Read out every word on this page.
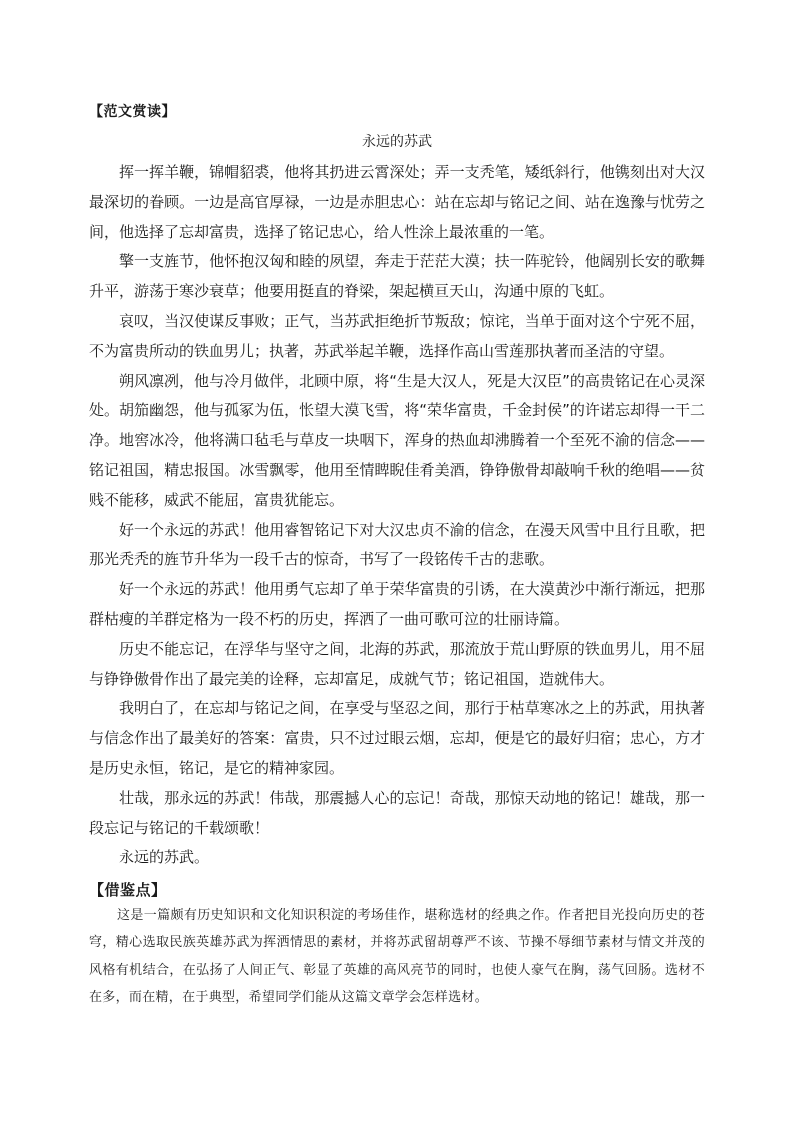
【范文赏读】
永远的苏武

挥一挥羊鞭，锦帽貂裘，他将其扔进云霄深处；弄一支秃笔，矮纸斜行，他镌刻出对大汉最深切的眷顾。一边是高官厚禄，一边是赤胆忠心：站在忘却与铭记之间、站在逸豫与忧劳之间，他选择了忘却富贵，选择了铭记忠心，给人性涂上最浓重的一笔。

擎一支旌节，他怀抱汉匈和睦的夙望，奔走于茫茫大漠；扶一阵驼铃，他阔别长安的歌舞升平，游荡于寒沙衰草；他要用挺直的脊梁，架起横亘天山，沟通中原的飞虹。

哀叹，当汉使谋反事败；正气，当苏武拒绝折节叛敌；惊诧，当单于面对这个宁死不屈，不为富贵所动的铁血男儿；执著，苏武举起羊鞭，选择作高山雪莲那执著而圣洁的守望。

朔风凛冽，他与冷月做伴，北顾中原，将“生是大汉人，死是大汉臣”的高贵铭记在心灵深处。胡笳幽怨，他与孤冢为伍，怅望大漠飞雪，将“荣华富贵，千金封侯”的许诺忘却得一干二净。地窖冰冷，他将满口毡毛与草皮一块咽下，浑身的热血却沸腾着一个至死不渝的信念——铭记祖国，精忠报国。冰雪飘零，他用至情睥睨佳肴美酒，铮铮傲骨却敲响千秋的绝唱——贫贱不能移，威武不能屈，富贵犹能忘。

好一个永远的苏武！他用睿智铭记下对大汉忠贞不渝的信念，在漫天风雪中且行且歌，把那光秃秃的旌节升华为一段千古的惊奇，书写了一段铭传千古的悲歌。

好一个永远的苏武！他用勇气忘却了单于荣华富贵的引诱，在大漠黄沙中渐行渐远，把那群枯瘦的羊群定格为一段不朽的历史，挥洒了一曲可歌可泣的壮丽诗篇。

历史不能忘记，在浮华与坚守之间，北海的苏武，那流放于荒山野原的铁血男儿，用不屈与铮铮傲骨作出了最完美的诠释，忘却富足，成就气节；铭记祖国，造就伟大。

我明白了，在忘却与铭记之间，在享受与坚忍之间，那行于枯草寒冰之上的苏武，用执著与信念作出了最美好的答案：富贵，只不过过眼云烟，忘却，便是它的最好归宿；忠心，方才是历史永恒，铭记，是它的精神家园。

壮哉，那永远的苏武！伟哉，那震撼人心的忘记！奇哉，那惊天动地的铭记！雄哉，那一段忘记与铭记的千载颂歌！

永远的苏武。

【借鉴点】

这是一篇颇有历史知识和文化知识积淀的考场佳作，堪称选材的经典之作。作者把目光投向历史的苍穹，精心选取民族英雄苏武为挥洒情思的素材，并将苏武留胡尊严不该、节操不辱细节素材与情文并茂的风格有机结合，在弘扬了人间正气、彰显了英雄的高风亮节的同时，也使人豪气在胸，荡气回肠。选材不在多，而在精，在于典型，希望同学们能从这篇文章学会怎样选材。
